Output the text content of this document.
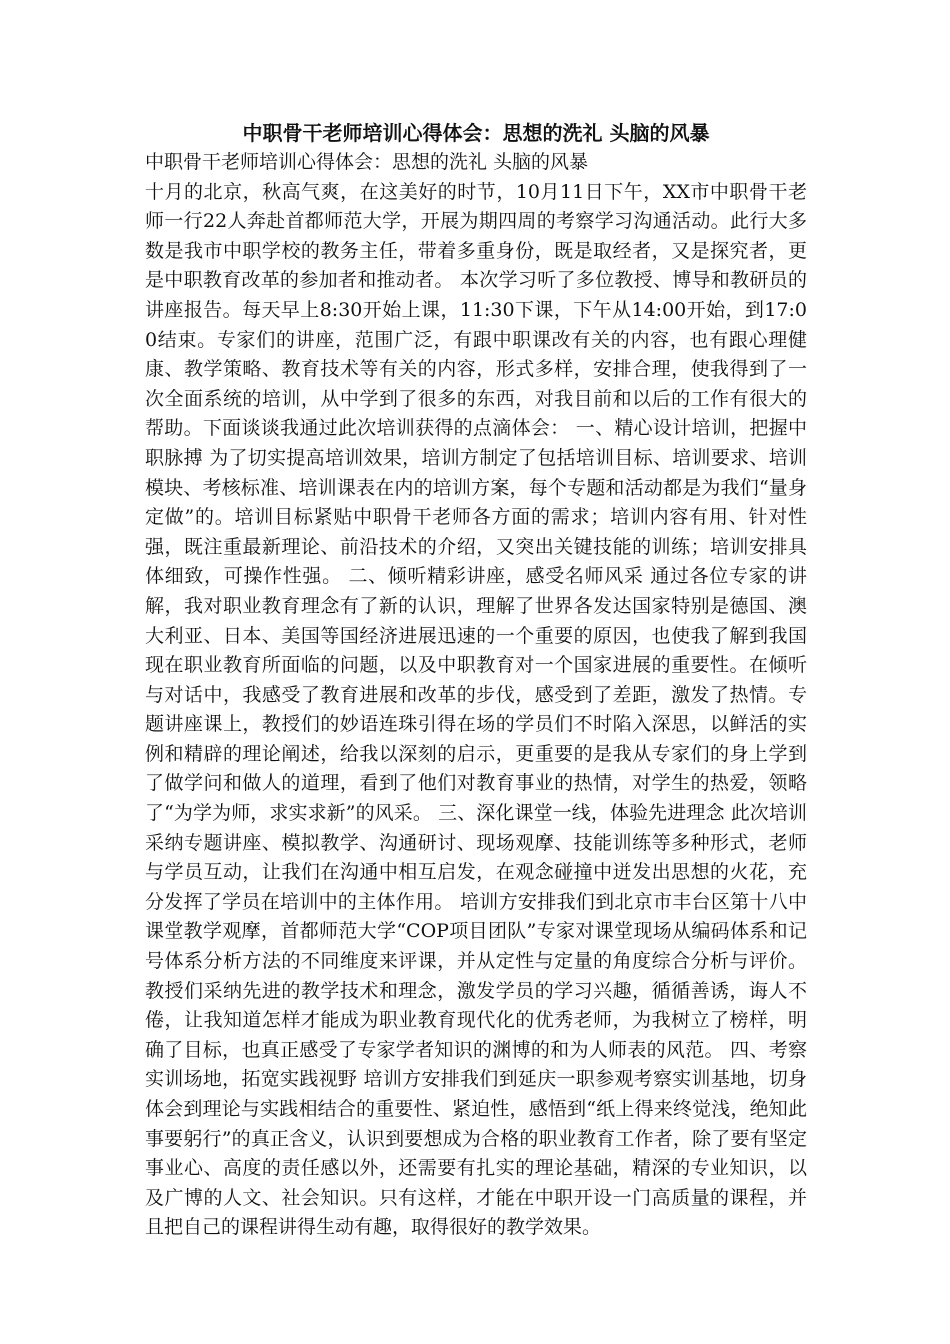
中职骨干老师培训心得体会：思想的洗礼 头脑的风暴

中职骨干老师培训心得体会：思想的洗礼 头脑的风暴

十月的北京，秋高气爽，在这美好的时节，10月11日下午，XX市中职骨干老师一行22人奔赴首都师范大学，开展为期四周的考察学习沟通活动。此行大多数是我市中职学校的教务主任，带着多重身份，既是取经者，又是探究者，更是中职教育改革的参加者和推动者。 本次学习听了多位教授、博导和教研员的讲座报告。每天早上8:30开始上课，11:30下课，下午从14:00开始，到17:00结束。专家们的讲座，范围广泛，有跟中职课改有关的内容，也有跟心理健康、教学策略、教育技术等有关的内容，形式多样，安排合理，使我得到了一次全面系统的培训，从中学到了很多的东西，对我目前和以后的工作有很大的帮助。下面谈谈我通过此次培训获得的点滴体会： 一、精心设计培训，把握中职脉搏 为了切实提高培训效果，培训方制定了包括培训目标、培训要求、培训模块、考核标准、培训课表在内的培训方案，每个专题和活动都是为我们“量身定做”的。培训目标紧贴中职骨干老师各方面的需求；培训内容有用、针对性强，既注重最新理论、前沿技术的介绍，又突出关键技能的训练；培训安排具体细致，可操作性强。 二、倾听精彩讲座，感受名师风采 通过各位专家的讲解，我对职业教育理念有了新的认识，理解了世界各发达国家特别是德国、澳大利亚、日本、美国等国经济进展迅速的一个重要的原因，也使我了解到我国现在职业教育所面临的问题，以及中职教育对一个国家进展的重要性。在倾听与对话中，我感受了教育进展和改革的步伐，感受到了差距，激发了热情。专题讲座课上，教授们的妙语连珠引得在场的学员们不时陷入深思，以鲜活的实例和精辟的理论阐述，给我以深刻的启示，更重要的是我从专家们的身上学到了做学问和做人的道理，看到了他们对教育事业的热情，对学生的热爱，领略了“为学为师，求实求新”的风采。 三、深化课堂一线，体验先进理念 此次培训采纳专题讲座、模拟教学、沟通研讨、现场观摩、技能训练等多种形式，老师与学员互动，让我们在沟通中相互启发，在观念碰撞中迸发出思想的火花，充分发挥了学员在培训中的主体作用。 培训方安排我们到北京市丰台区第十八中课堂教学观摩，首都师范大学“COP项目团队”专家对课堂现场从编码体系和记号体系分析方法的不同维度来评课，并从定性与定量的角度综合分析与评价。教授们采纳先进的教学技术和理念，激发学员的学习兴趣，循循善诱，诲人不倦，让我知道怎样才能成为职业教育现代化的优秀老师，为我树立了榜样，明确了目标，也真正感受了专家学者知识的渊博的和为人师表的风范。 四、考察实训场地，拓宽实践视野 培训方安排我们到延庆一职参观考察实训基地，切身体会到理论与实践相结合的重要性、紧迫性，感悟到“纸上得来终觉浅，绝知此事要躬行”的真正含义，认识到要想成为合格的职业教育工作者，除了要有坚定事业心、高度的责任感以外，还需要有扎实的理论基础，精深的专业知识，以及广博的人文、社会知识。只有这样，才能在中职开设一门高质量的课程，并且把自己的课程讲得生动有趣，取得很好的教学效果。
